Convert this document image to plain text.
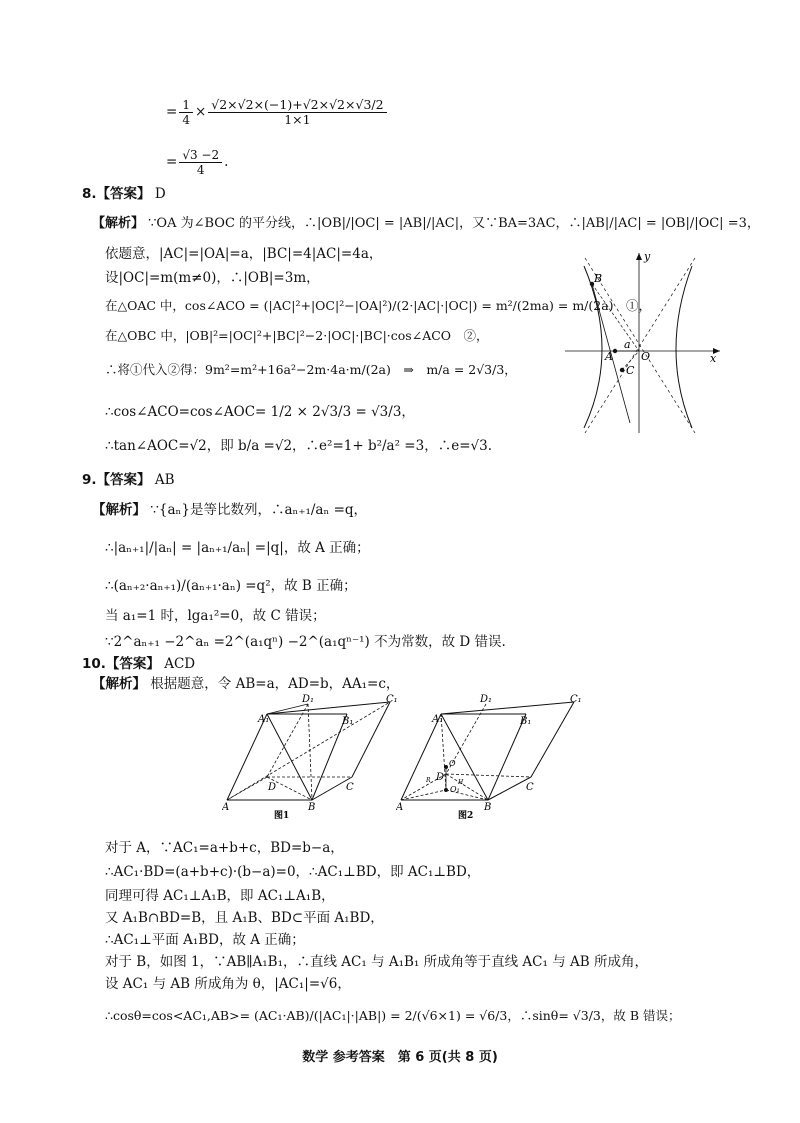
= $\frac{1}{4} \times \frac{√2\times√2\times(-1)+√2\times√2\times√3/2}{1\times 1}$
= $\frac{√3 -2}{4}$ .
8.【答案】 D
【解析】 ∵OA 为∠BOC 的平分线，∴|OB|/|OC| = |AB|/|AC|，又∵BA=3AC，∴|AB|/|AC| = |OB|/|OC| =3，
依题意，|AC|=|OA|=a，|BC|=4|AC|=4a，
设|OC|=m(m≠0)，∴|OB|=3m，
在△OAC 中，cos∠ACO = (|AC|²+|OC|²−|OA|²)/(2·|AC|·|OC|) = m²/(2ma) = m/(2a)　①，
在△OBC 中，|OB|²=|OC|²+|BC|²−2·|OC|·|BC|·cos∠ACO　②，
∴将①代入②得：9m²=m²+16a²−2m·4a·m/(2a)　⇒　m/a = 2√3/3，
∴cos∠ACO=cos∠AOC= 1/2 × 2√3/3 = √3/3，
∴tan∠AOC=√2，即 b/a =√2，∴e²=1+ b²/a² =3，∴e=√3.
B
A
a
O
C
x
y
9.【答案】 AB
【解析】 ∵{aₙ}是等比数列，∴aₙ₊₁/aₙ =q，
∴|aₙ₊₁|/|aₙ| = |aₙ₊₁/aₙ| =|q|，故 A 正确；
∴(aₙ₊₂·aₙ₊₁)/(aₙ₊₁·aₙ) =q²，故 B 正确；
当 a₁=1 时，lga₁²=0，故 C 错误；
∵2^aₙ₊₁ −2^aₙ =2^(a₁qⁿ) −2^(a₁qⁿ⁻¹) 不为常数，故 D 错误.
10.【答案】 ACD
【解析】 根据题意，令 AB=a，AD=b，AA₁=c，
A₁
D₁
B₁
C₁
A
D
B
C
图1
A₁
D₁
B₁
C₁
A
D
B
C
O
O₁
R	H
图2
对于 A，∵AC₁=a+b+c，BD=b−a，
∴AC₁·BD=(a+b+c)·(b−a)=0，∴AC₁⊥BD，即 AC₁⊥BD，
同理可得 AC₁⊥A₁B，即 AC₁⊥A₁B，
又 A₁B∩BD=B，且 A₁B、BD⊂平面 A₁BD，
∴AC₁⊥平面 A₁BD，故 A 正确；
对于 B，如图 1，∵AB∥A₁B₁，∴直线 AC₁ 与 A₁B₁ 所成角等于直线 AC₁ 与 AB 所成角，
设 AC₁ 与 AB 所成角为 θ，|AC₁|=√6，
∴cosθ=cos<AC₁,AB>= (AC₁·AB)/(|AC₁|·|AB|) = 2/(√6×1) = √6/3，∴sinθ= √3/3，故 B 错误；
数学 参考答案　第 6 页(共 8 页)
